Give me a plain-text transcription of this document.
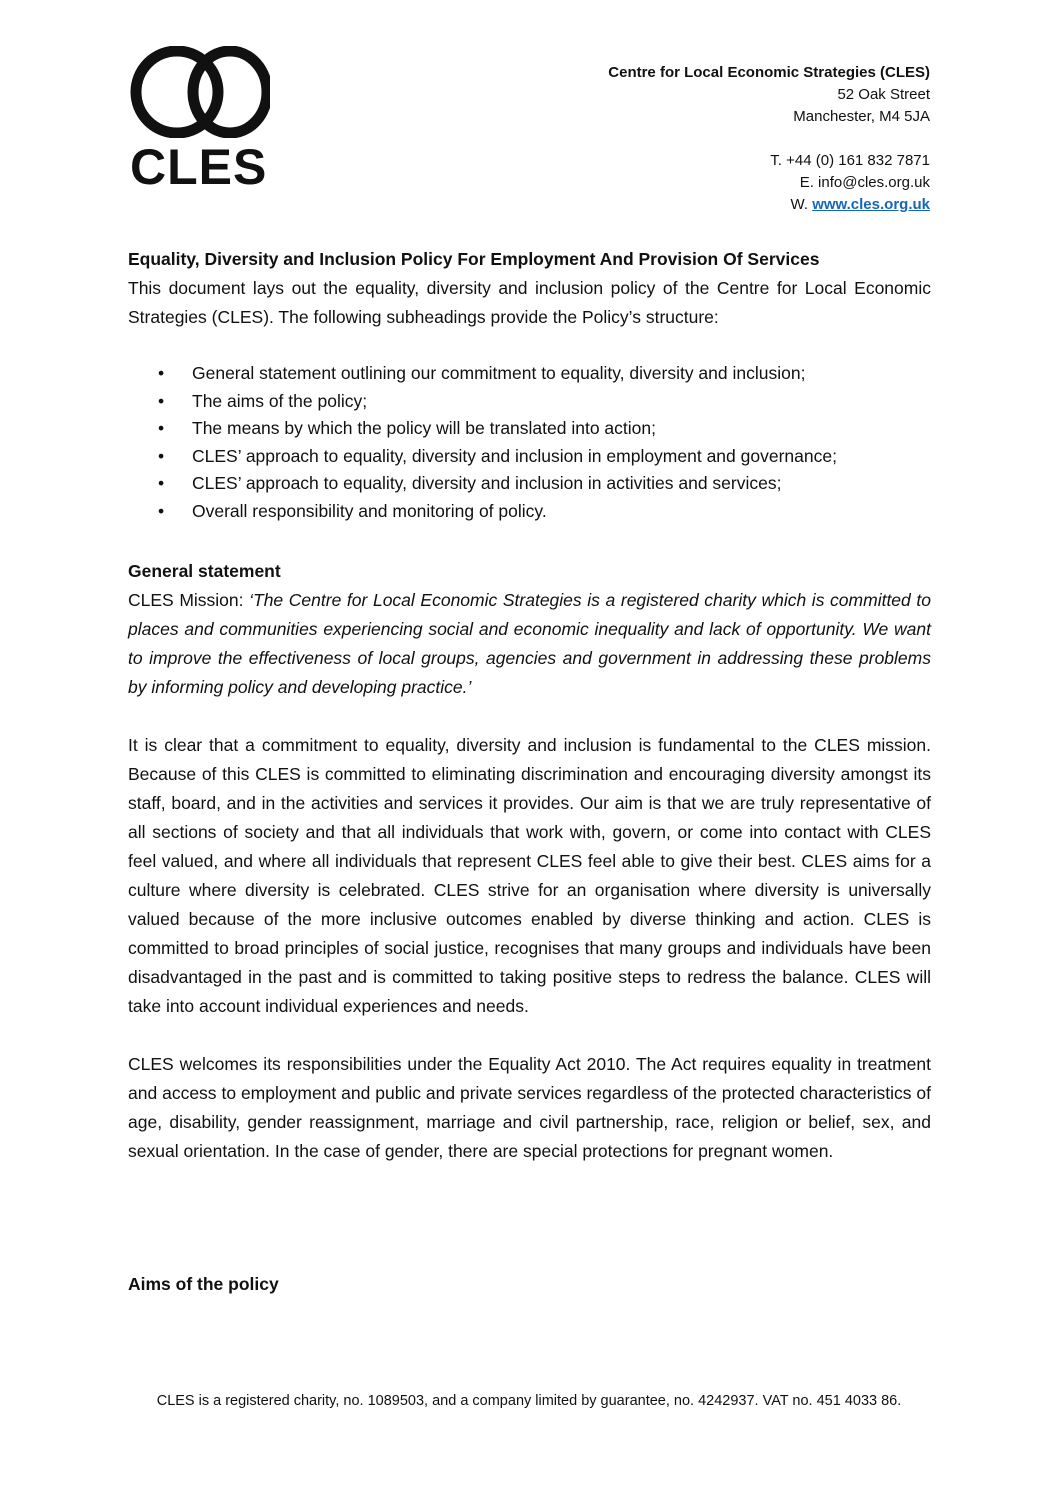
CLES
Centre for Local Economic Strategies (CLES)
52 Oak Street
Manchester, M4 5JA
T. +44 (0) 161 832 7871
E. info@cles.org.uk
W. www.cles.org.uk
Equality, Diversity and Inclusion Policy For Employment And Provision Of Services
This document lays out the equality, diversity and inclusion policy of the Centre for Local Economic Strategies (CLES). The following subheadings provide the Policy’s structure:
• General statement outlining our commitment to equality, diversity and inclusion;
• The aims of the policy;
• The means by which the policy will be translated into action;
• CLES’ approach to equality, diversity and inclusion in employment and governance;
• CLES’ approach to equality, diversity and inclusion in activities and services;
• Overall responsibility and monitoring of policy.
General statement
CLES Mission: ‘The Centre for Local Economic Strategies is a registered charity which is committed to places and communities experiencing social and economic inequality and lack of opportunity. We want to improve the effectiveness of local groups, agencies and government in addressing these problems by informing policy and developing practice.’
It is clear that a commitment to equality, diversity and inclusion is fundamental to the CLES mission. Because of this CLES is committed to eliminating discrimination and encouraging diversity amongst its staff, board, and in the activities and services it provides. Our aim is that we are truly representative of all sections of society and that all individuals that work with, govern, or come into contact with CLES feel valued, and where all individuals that represent CLES feel able to give their best. CLES aims for a culture where diversity is celebrated. CLES strive for an organisation where diversity is universally valued because of the more inclusive outcomes enabled by diverse thinking and action. CLES is committed to broad principles of social justice, recognises that many groups and individuals have been disadvantaged in the past and is committed to taking positive steps to redress the balance. CLES will take into account individual experiences and needs.
CLES welcomes its responsibilities under the Equality Act 2010. The Act requires equality in treatment and access to employment and public and private services regardless of the protected characteristics of age, disability, gender reassignment, marriage and civil partnership, race, religion or belief, sex, and sexual orientation. In the case of gender, there are special protections for pregnant women.
Aims of the policy
CLES is a registered charity, no. 1089503, and a company limited by guarantee, no. 4242937. VAT no. 451 4033 86.
